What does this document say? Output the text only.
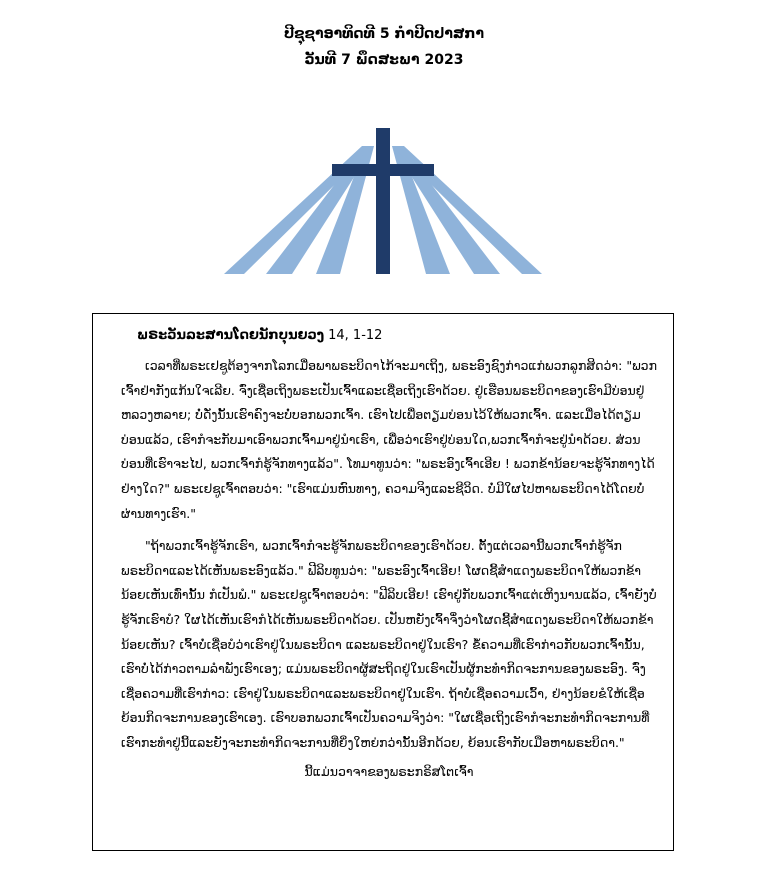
ປີຊຸຊາອາທິດທີ 5 ກຳປີດປາສກາ
ວັນທີ 7 ພຶດສະພາ 2023
ພຣະວັນລະສານໂດຍນັກບຸນຍວງ 14, 1-12

ເວລາທີ່ພຣະເຢຊູຕ້ອງຈາກໂລກເມື່ອພາພຣະບິດາໄກ້ຈະມາເຖິງ, ພຣະອົງຊົງກ່າວແກ່ພວກລູກສິດວ່າ: "ພວກເຈົ້າຢ່າກັງແກ້ນໃຈເລີຍ. ຈົ່ງເຊື່ອເຖິງພຣະເປັນເຈົ້າແລະເຊື່ອເຖິງເຮົາດ້ວຍ. ຢູ່ເຮືອນພຣະບິດາຂອງເຮົາມີບ່ອນຢູ່ຫລວງຫລາຍ; ບໍ່ດັ່ງນັ້ນເຮົາຄົງຈະບໍ່ບອກພວກເຈົ້າ. ເຮົາໄປເພື່ອຕຽມບ່ອນໄວ້ໃຫ້ພວກເຈົ້າ. ແລະເມື່ອໄດ້ຕຽມບ່ອນແລ້ວ, ເຮົາກໍຈະກັບມາເອົາພວກເຈົ້າມາຢູ່ນຳເຮົາ, ເພື່ອວ່າເຮົາຢູ່ບ່ອນໃດ,ພວກເຈົ້າກໍຈະຢູ່ນຳດ້ວຍ. ສ່ວນບ່ອນທີ່ເຮົາຈະໄປ, ພວກເຈົ້າກໍຮູ້ຈັກທາງແລ້ວ". ໂທມາທູນວ່າ: "ພຣະອົງເຈົ້າເອີຍ ! ພວກຂ້ານ້ອຍຈະຮູ້ຈັກທາງໄດ້ຢ່າງໃດ?" ພຣະເຢຊູເຈົ້າຕອບວ່າ: "ເຮົາແມ່ນຫົນທາງ, ຄວາມຈິງແລະຊີວິດ. ບໍ່ມີໃຜໄປຫາພຣະບິດາໄດ້ໂດຍບໍ່ຜ່ານທາງເຮົາ."

"ຖ້າພວກເຈົ້າຮູ້ຈັກເຮົາ, ພວກເຈົ້າກໍຈະຮູ້ຈັກພຣະບິດາຂອງເຮົາດ້ວຍ. ຕັ້ງແຕ່ເວລານີ້ພວກເຈົ້າກໍຮູ້ຈັກພຣະບິດາແລະໄດ້ເຫັນພຣະອົງແລ້ວ." ຟີລິບທູນວ່າ: "ພຣະອົງເຈົ້າເອີຍ! ໂຜດຊີ້ສຳແດງພຣະບິດາໃຫ້ພວກຂ້ານ້ອຍເຫັນເທົ່ານັ້ນ ກໍເປັນພໍ." ພຣະເຢຊູເຈົ້າຕອບວ່າ: "ຟີລິບເອີຍ! ເຮົາຢູ່ກັບພວກເຈົ້າແຕ່ເຫິງນານແລ້ວ, ເຈົ້າຍັງບໍ່ຮູ້ຈັກເຮົາບໍ? ໃຜໄດ້ເຫັນເຮົາກໍໄດ້ເຫັນພຣະບິດາດ້ວຍ. ເປັນຫຍັງເຈົ້າຈຶ່ງວ່າໂຜດຊີ້ສຳແດງພຣະບິດາໃຫ້ພວກຂ້ານ້ອຍເຫັນ? ເຈົ້າບໍ່ເຊື່ອບໍວ່າເຮົາຢູ່ໃນພຣະບິດາ ແລະພຣະບິດາຢູ່ໃນເຮົາ? ຂໍ້ຄວາມທີ່ເຮົາກ່າວກັບພວກເຈົ້ານັ້ນ, ເຮົາບໍ່ໄດ້ກ່າວຕາມລຳພັງເຮົາເອງ; ແມ່ນພຣະບິດາຜູ້ສະຖິດຢູ່ໃນເຮົາເປັນຜູ້ກະທຳກິດຈະການຂອງພຣະອົງ. ຈົ່ງເຊື່ອຄວາມທີ່ເຮົາກ່າວ: ເຮົາຢູ່ໃນພຣະບິດາແລະພຣະບິດາຢູ່ໃນເຮົາ. ຖ້າບໍ່ເຊື່ອຄວາມເວົ້າ, ຢ່າງນ້ອຍຂໍໃຫ້ເຊື່ອຍ້ອນກິດຈະການຂອງເຮົາເອງ. ເຮົາບອກພວກເຈົ້າເປັນຄວາມຈິງວ່າ: "ໃຜເຊື່ອເຖິງເຮົາກໍຈະກະທຳກິດຈະການທີ່ເຮົາກະທຳຢູ່ນີ້ແລະຍັງຈະກະທຳກິດຈະການທີ່ຍິ່ງໃຫຍ່ກວ່ານັ້ນອີກດ້ວຍ, ຍ້ອນເຮົາກັບເມືອຫາພຣະບິດາ."

ນີ້ແມ່ນວາຈາຂອງພຣະກຣິສໂຕເຈົ້າ
